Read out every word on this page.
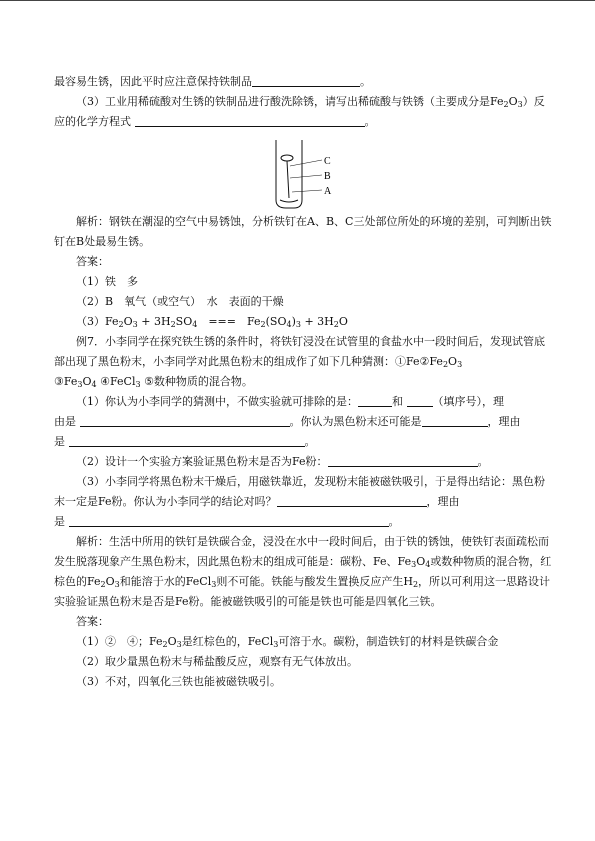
最容易生锈，因此平时应注意保持铁制品	。

（3）工业用稀硫酸对生锈的铁制品进行酸洗除锈，请写出稀硫酸与铁锈（主要成分是$Fe_2O_3$）反应的化学方程式	。

C
B
A

解析：钢铁在潮湿的空气中易锈蚀，分析铁钉在A、B、C三处部位所处的环境的差别，可判断出铁钉在B处最易生锈。

答案：

（1）铁　多

（2）B　氧气（或空气）　水　表面的干燥

$(3)Fe_2O_3 + 3H_2SO_4$　===　$Fe_2(SO_4)_3 + 3H_2O$

例7．小李同学在探究铁生锈的条件时，将铁钉浸没在试管里的食盐水中一段时间后，发现试管底部出现了黑色粉末，小李同学对此黑色粉末的组成作了如下几种猜测：$①Fe②Fe_2O_3$

$③Fe_3O_4$ ④FeCl$_3$ ⑤数种物质的混合物。

（1）你认为小李同学的猜测中，不做实验就可排除的是：	和	（填序号），理
由是	。你认为黑色粉末还可能是	，理由
是	。

（2）设计一个实验方案验证黑色粉末是否为Fe粉：	。

（3）小李同学将黑色粉末干燥后，用磁铁靠近，发现粉末能被磁铁吸引，于是得出结论：黑色粉末一定是Fe粉。你认为小李同学的结论对吗？	，理由
是	。

解析：生活中所用的铁钉是铁碳合金，浸没在水中一段时间后，由于铁的锈蚀，使铁钉表面疏松而发生脱落现象产生黑色粉末，因此黑色粉末的组成可能是：碳粉、Fe、$Fe_3O_4$或数种物质的混合物，红棕色的$Fe_2O_3$和能溶于水的FeCl$_3$则不可能。铁能与酸发生置换反应产生$H_2$，所以可利用这一思路设计实验验证黑色粉末是否是Fe粉。能被磁铁吸引的可能是铁也可能是四氧化三铁。

答案：

（1）②　④；$Fe_2O_3$是红棕色的，FeCl$_3$可溶于水。碳粉，制造铁钉的材料是铁碳合金

（2）取少量黑色粉末与稀盐酸反应，观察有无气体放出。

（3）不对，四氧化三铁也能被磁铁吸引。
